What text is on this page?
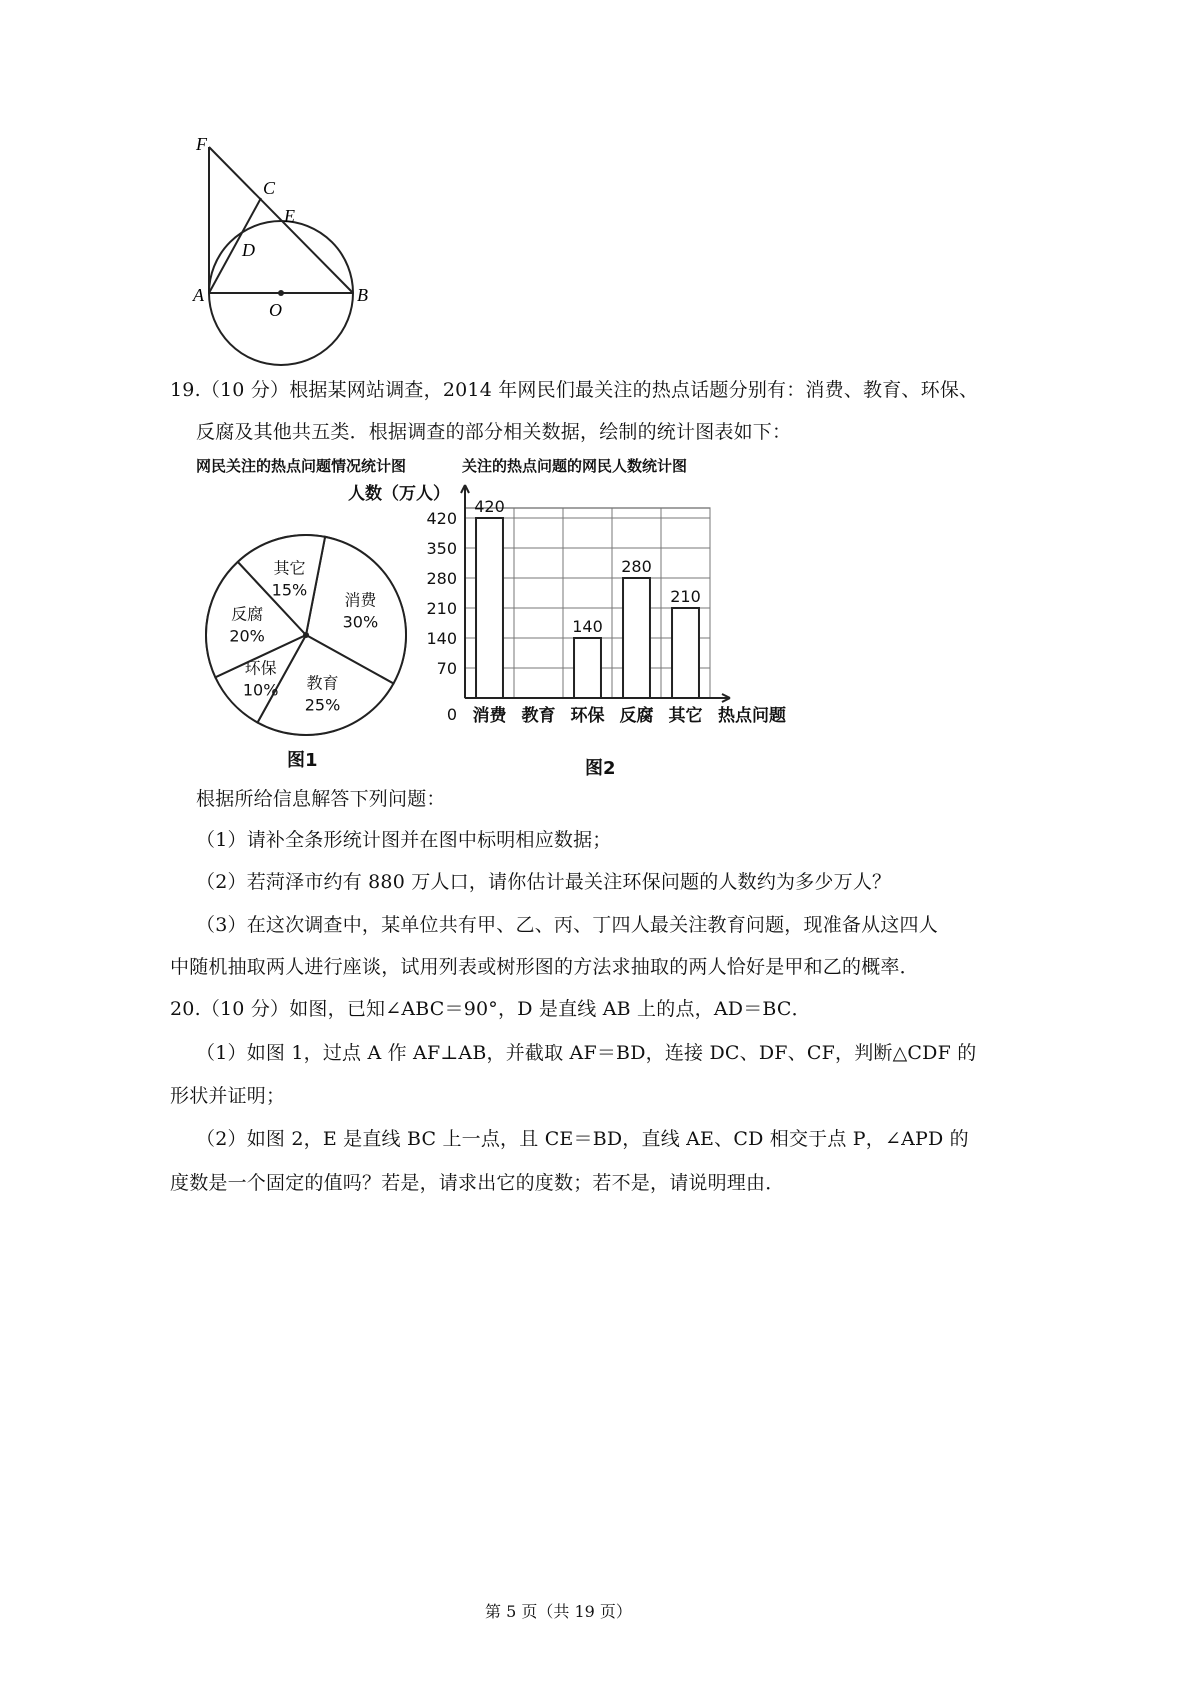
F
C
E
D
A
O
B
19.（10 分）根据某网站调查，2014 年网民们最关注的热点话题分别有：消费、教育、环保、
反腐及其他共五类．根据调查的部分相关数据，绘制的统计图表如下：
网民关注的热点问题情况统计图
消费
30%
教育
25%
环保
10%
反腐
20%
其它
15%
图1
关注的热点问题的网民人数统计图
人数（万人）
0
70
140
210
280
350
420
420
消费 教育
140
环保
280
反腐
210
其它 热点问题
图2
根据所给信息解答下列问题：
（1）请补全条形统计图并在图中标明相应数据；
（2）若菏泽市约有 880 万人口，请你估计最关注环保问题的人数约为多少万人？
（3）在这次调查中，某单位共有甲、乙、丙、丁四人最关注教育问题，现准备从这四人
中随机抽取两人进行座谈，试用列表或树形图的方法求抽取的两人恰好是甲和乙的概率．
20.（10 分）如图，已知∠ABC＝90°，D 是直线 AB 上的点，AD＝BC．
（1）如图 1，过点 A 作 AF⊥AB，并截取 AF＝BD，连接 DC、DF、CF，判断△CDF 的
形状并证明；
（2）如图 2，E 是直线 BC 上一点，且 CE＝BD，直线 AE、CD 相交于点 P，∠APD 的
度数是一个固定的值吗？若是，请求出它的度数；若不是，请说明理由．
第 5 页（共 19 页）
